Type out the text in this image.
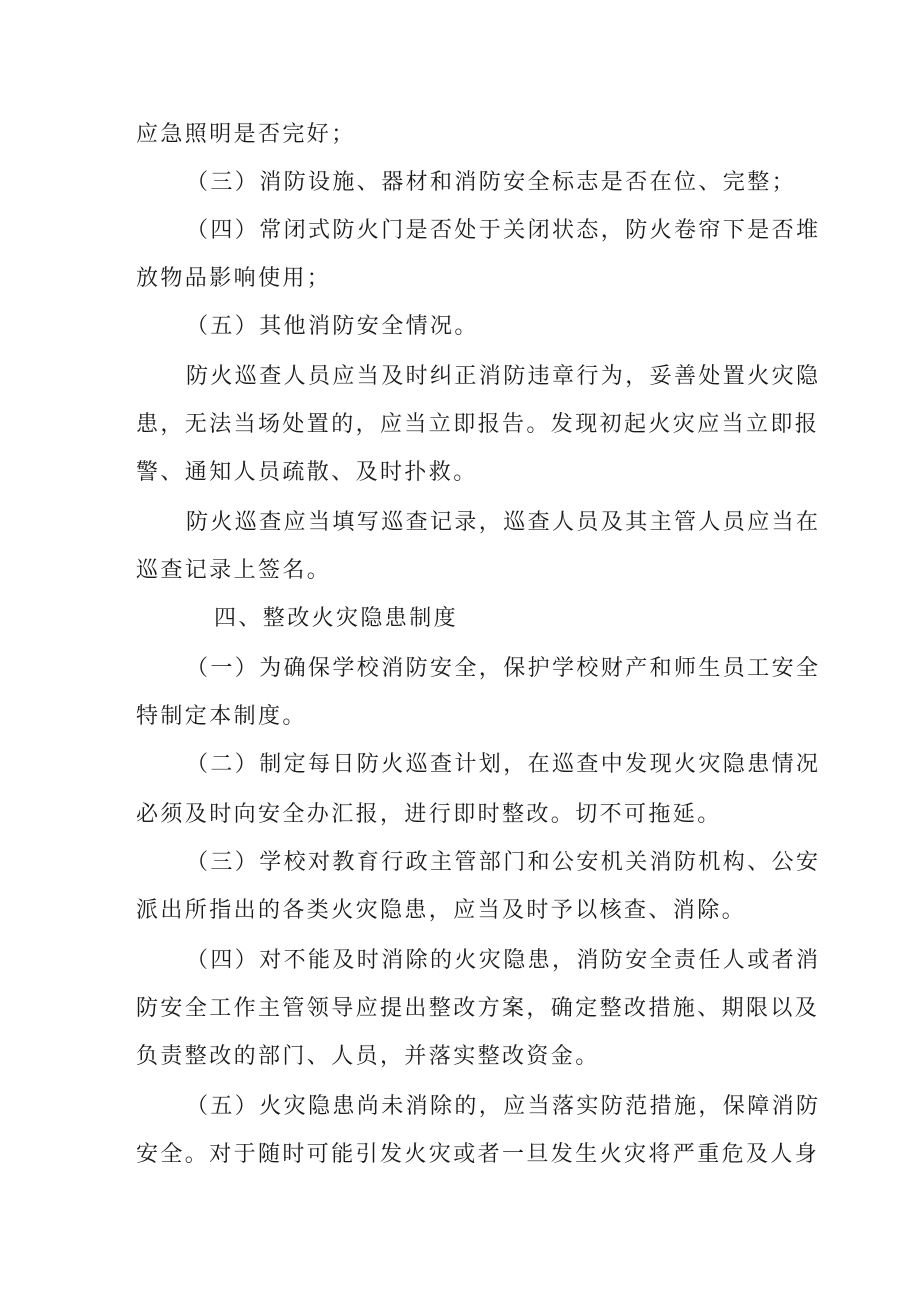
应急照明是否完好；
（三）消防设施、器材和消防安全标志是否在位、完整；
（四）常闭式防火门是否处于关闭状态，防火卷帘下是否堆
放物品影响使用；
（五）其他消防安全情况。
防火巡查人员应当及时纠正消防违章行为，妥善处置火灾隐
患，无法当场处置的，应当立即报告。发现初起火灾应当立即报
警、通知人员疏散、及时扑救。
防火巡查应当填写巡查记录，巡查人员及其主管人员应当在
巡查记录上签名。
四、整改火灾隐患制度
（一）为确保学校消防安全，保护学校财产和师生员工安全
特制定本制度。
（二）制定每日防火巡查计划，在巡查中发现火灾隐患情况
必须及时向安全办汇报，进行即时整改。切不可拖延。
（三）学校对教育行政主管部门和公安机关消防机构、公安
派出所指出的各类火灾隐患，应当及时予以核查、消除。
（四）对不能及时消除的火灾隐患，消防安全责任人或者消
防安全工作主管领导应提出整改方案，确定整改措施、期限以及
负责整改的部门、人员，并落实整改资金。
（五）火灾隐患尚未消除的，应当落实防范措施，保障消防
安全。对于随时可能引发火灾或者一旦发生火灾将严重危及人身
